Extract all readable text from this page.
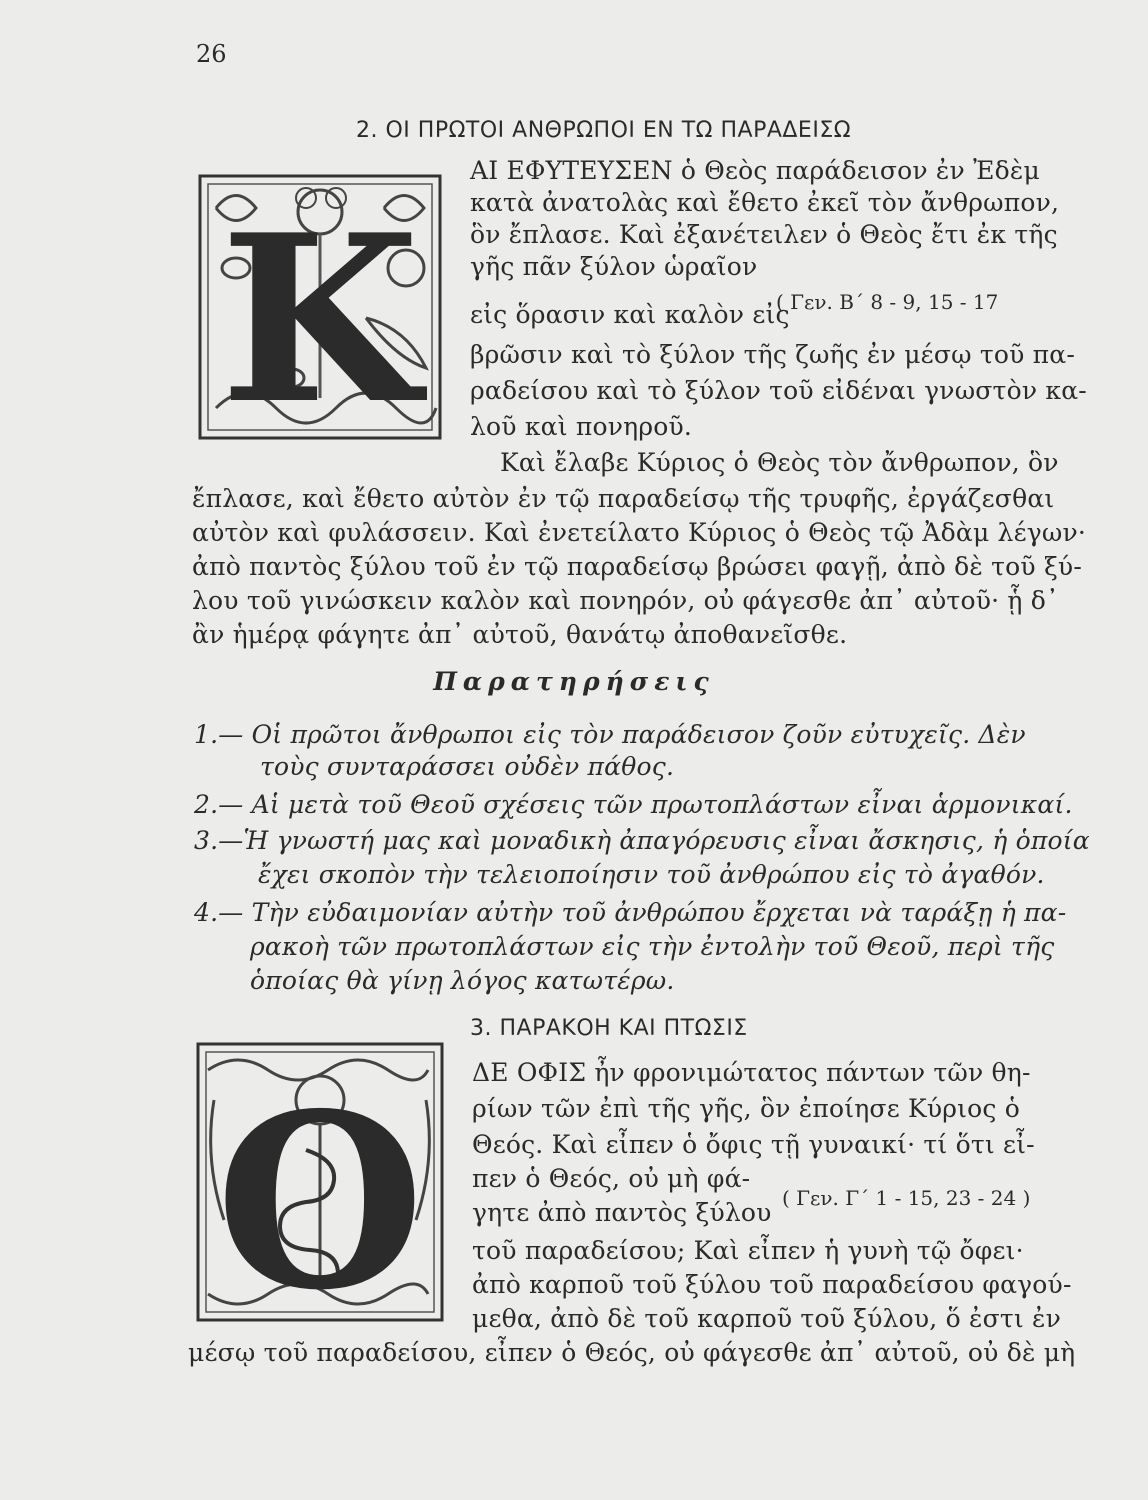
26
2. ΟΙ ΠΡΩΤΟΙ ΑΝΘΡΩΠΟΙ ΕΝ ΤΩ ΠΑΡΑΔΕΙΣΩ
K
ΑΙ ΕΦΥΤΕΥΣΕΝ ὁ Θεὸς παράδεισον ἐν Ἐδὲμ
κατὰ ἀνατολὰς καὶ ἔθετο ἐκεῖ τὸν ἄνθρωπον,
ὃν ἔπλασε. Καὶ ἐξανέτειλεν ὁ Θεὸς ἔτι ἐκ τῆς
γῆς πᾶν ξύλον ὡραῖον
εἰς ὅρασιν καὶ καλὸν εἰς
( Γεν. Β΄ 8 - 9, 15 - 17
βρῶσιν καὶ τὸ ξύλον τῆς ζωῆς ἐν μέσῳ τοῦ πα-
ραδείσου καὶ τὸ ξύλον τοῦ εἰδέναι γνωστὸν κα-
λοῦ καὶ πονηροῦ.
Καὶ ἔλαβε Κύριος ὁ Θεὸς τὸν ἄνθρωπον, ὃν
ἔπλασε, καὶ ἔθετο αὐτὸν ἐν τῷ παραδείσῳ τῆς τρυφῆς, ἐργάζεσθαι
αὐτὸν καὶ φυλάσσειν. Καὶ ἐνετείλατο Κύριος ὁ Θεὸς τῷ Ἀδὰμ λέγων·
ἀπὸ παντὸς ξύλου τοῦ ἐν τῷ παραδείσῳ βρώσει φαγῇ, ἀπὸ δὲ τοῦ ξύ-
λου τοῦ γινώσκειν καλὸν καὶ πονηρόν, οὐ φάγεσθε ἀπ᾽ αὐτοῦ· ᾗ δ᾽
ἂν ἡμέρᾳ φάγητε ἀπ᾽ αὐτοῦ, θανάτῳ ἀποθανεῖσθε.
Παρατηρήσεις
1.— Οἱ πρῶτοι ἄνθρωποι εἰς τὸν παράδεισον ζοῦν εὐτυχεῖς. Δὲν
τοὺς συνταράσσει οὐδὲν πάθος.
2.— Αἱ μετὰ τοῦ Θεοῦ σχέσεις τῶν πρωτοπλάστων εἶναι ἁρμονικαί.
3.—Ἡ γνωστή μας καὶ μοναδικὴ ἀπαγόρευσις εἶναι ἄσκησις, ἡ ὁποία
ἔχει σκοπὸν τὴν τελειοποίησιν τοῦ ἀνθρώπου εἰς τὸ ἀγαθόν.
4.— Τὴν εὐδαιμονίαν αὐτὴν τοῦ ἀνθρώπου ἔρχεται νὰ ταράξῃ ἡ πα-
ρακοὴ τῶν πρωτοπλάστων εἰς τὴν ἐντολὴν τοῦ Θεοῦ, περὶ τῆς
ὁποίας θὰ γίνῃ λόγος κατωτέρω.
3. ΠΑΡΑΚΟΗ ΚΑΙ ΠΤΩΣΙΣ
O ΔΕ ΟΦΙΣ ἦν φρονιμώτατος πάντων τῶν θη-
ρίων τῶν ἐπὶ τῆς γῆς, ὃν ἐποίησε Κύριος ὁ
Θεός. Καὶ εἶπεν ὁ ὄφις τῇ γυναικί· τί ὅτι εἶ-
πεν ὁ Θεός, οὐ μὴ φά-
( Γεν. Γ΄ 1 - 15, 23 - 24 )
γητε ἀπὸ παντὸς ξύλου
τοῦ παραδείσου; Καὶ εἶπεν ἡ γυνὴ τῷ ὄφει·
ἀπὸ καρποῦ τοῦ ξύλου τοῦ παραδείσου φαγού-
μεθα, ἀπὸ δὲ τοῦ καρποῦ τοῦ ξύλου, ὅ ἐστι ἐν
μέσῳ τοῦ παραδείσου, εἶπεν ὁ Θεός, οὐ φάγεσθε ἀπ᾽ αὐτοῦ, οὐ δὲ μὴ
